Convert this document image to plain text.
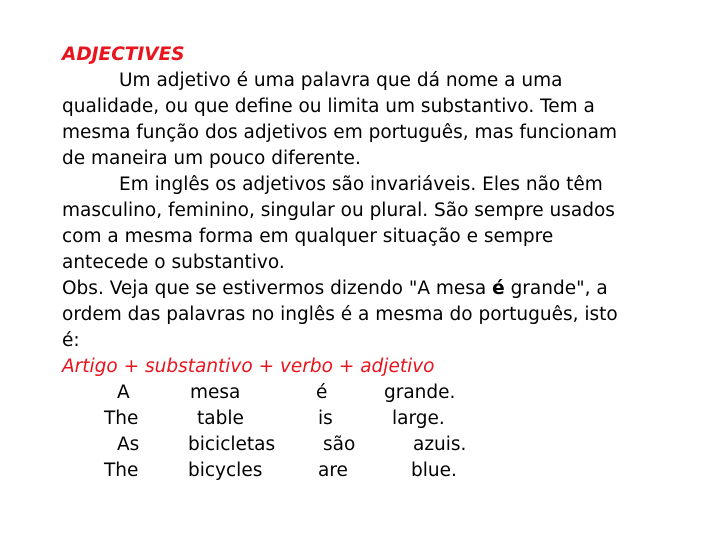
ADJECTIVES
Um adjetivo é uma palavra que dá nome a uma
qualidade, ou que define ou limita um substantivo. Tem a
mesma função dos adjetivos em português, mas funcionam
de maneira um pouco diferente.
Em inglês os adjetivos são invariáveis. Eles não têm
masculino, feminino, singular ou plural. São sempre usados
com a mesma forma em qualquer situação e sempre
antecede o substantivo.
Obs. Veja que se estivermos dizendo "A mesa é grande", a
ordem das palavras no inglês é a mesma do português, isto
é:
Artigo + substantivo + verbo + adjetivo
A	mesa	é	grande.
The	table	is	large.
As	bicicletas	são	azuis.
The	bicycles	are	blue.
